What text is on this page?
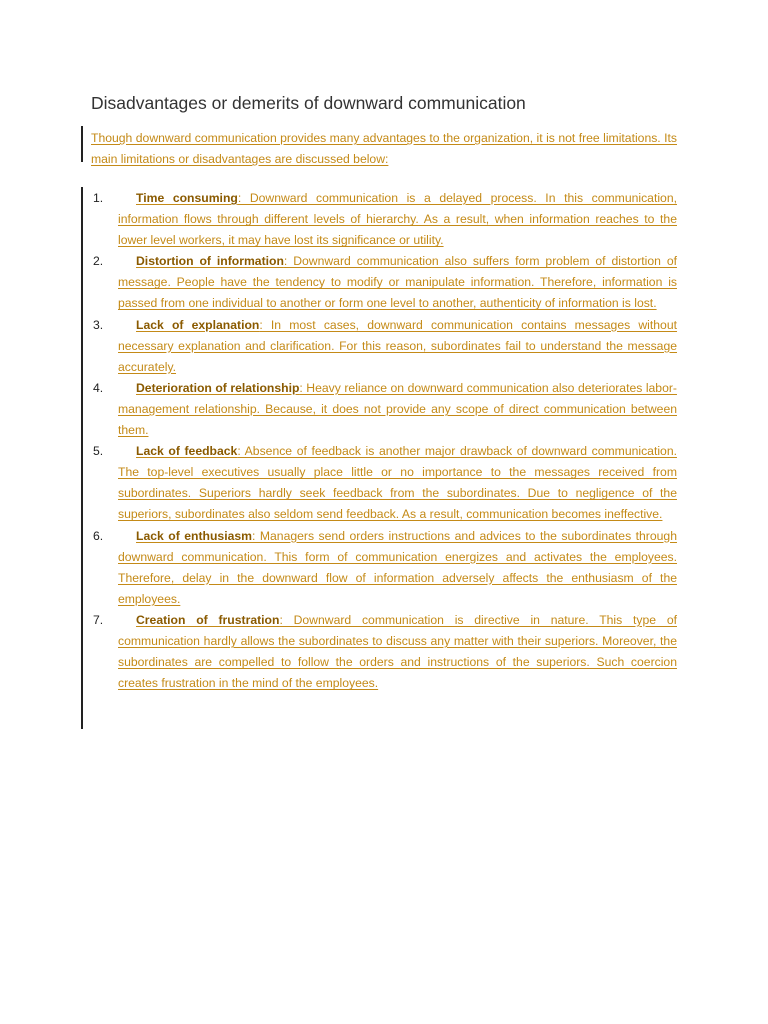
Disadvantages or demerits of downward communication
Though downward communication provides many advantages to the organization, it is not free limitations. Its main limitations or disadvantages are discussed below:
1.	Time consuming: Downward communication is a delayed process. In this communication, information flows through different levels of hierarchy. As a result, when information reaches to the lower level workers, it may have lost its significance or utility.
2.	Distortion of information: Downward communication also suffers form problem of distortion of message. People have the tendency to modify or manipulate information. Therefore, information is passed from one individual to another or form one level to another, authenticity of information is lost.
3.	Lack of explanation: In most cases, downward communication contains messages without necessary explanation and clarification. For this reason, subordinates fail to understand the message accurately.
4.	Deterioration of relationship: Heavy reliance on downward communication also deteriorates labor-management relationship. Because, it does not provide any scope of direct communication between them.
5.	Lack of feedback: Absence of feedback is another major drawback of downward communication. The top-level executives usually place little or no importance to the messages received from subordinates. Superiors hardly seek feedback from the subordinates. Due to negligence of the superiors, subordinates also seldom send feedback. As a result, communication becomes ineffective.
6.	Lack of enthusiasm: Managers send orders instructions and advices to the subordinates through downward communication. This form of communication energizes and activates the employees. Therefore, delay in the downward flow of information adversely affects the enthusiasm of the employees.
7.	Creation of frustration: Downward communication is directive in nature. This type of communication hardly allows the subordinates to discuss any matter with their superiors. Moreover, the subordinates are compelled to follow the orders and instructions of the superiors. Such coercion creates frustration in the mind of the employees.
